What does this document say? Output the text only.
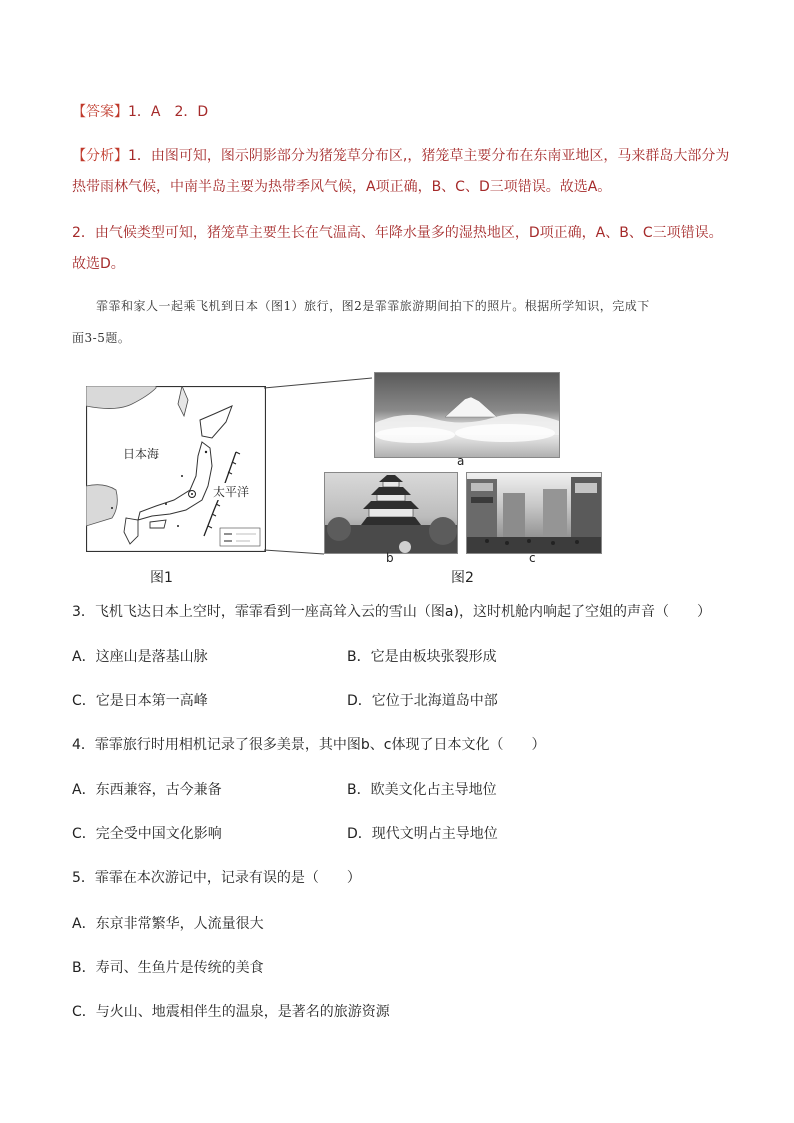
【答案】1．A　2．D
【分析】1．由图可知，图示阴影部分为猪笼草分布区,，猪笼草主要分布在东南亚地区，马来群岛大部分为
热带雨林气候，中南半岛主要为热带季风气候，A项正确，B、C、D三项错误。故选A。
2．由气候类型可知，猪笼草主要生长在气温高、年降水量多的湿热地区，D项正确，A、B、C三项错误。
故选D。
霏霏和家人一起乘飞机到日本（图1）旅行，图2是霏霏旅游期间拍下的照片。根据所学知识，完成下
面3-5题。
日本海
太平洋
a
b	c
图1	图2
3．飞机飞达日本上空时，霏霏看到一座高耸入云的雪山（图a)，这时机舱内响起了空姐的声音（　　）
A．这座山是落基山脉	B．它是由板块张裂形成
C．它是日本第一高峰	D．它位于北海道岛中部
4．霏霏旅行时用相机记录了很多美景，其中图b、c体现了日本文化（　　）
A．东西兼容，古今兼备	B．欧美文化占主导地位
C．完全受中国文化影响	D．现代文明占主导地位
5．霏霏在本次游记中，记录有误的是（　　）
A．东京非常繁华，人流量很大
B．寿司、生鱼片是传统的美食
C．与火山、地震相伴生的温泉，是著名的旅游资源
